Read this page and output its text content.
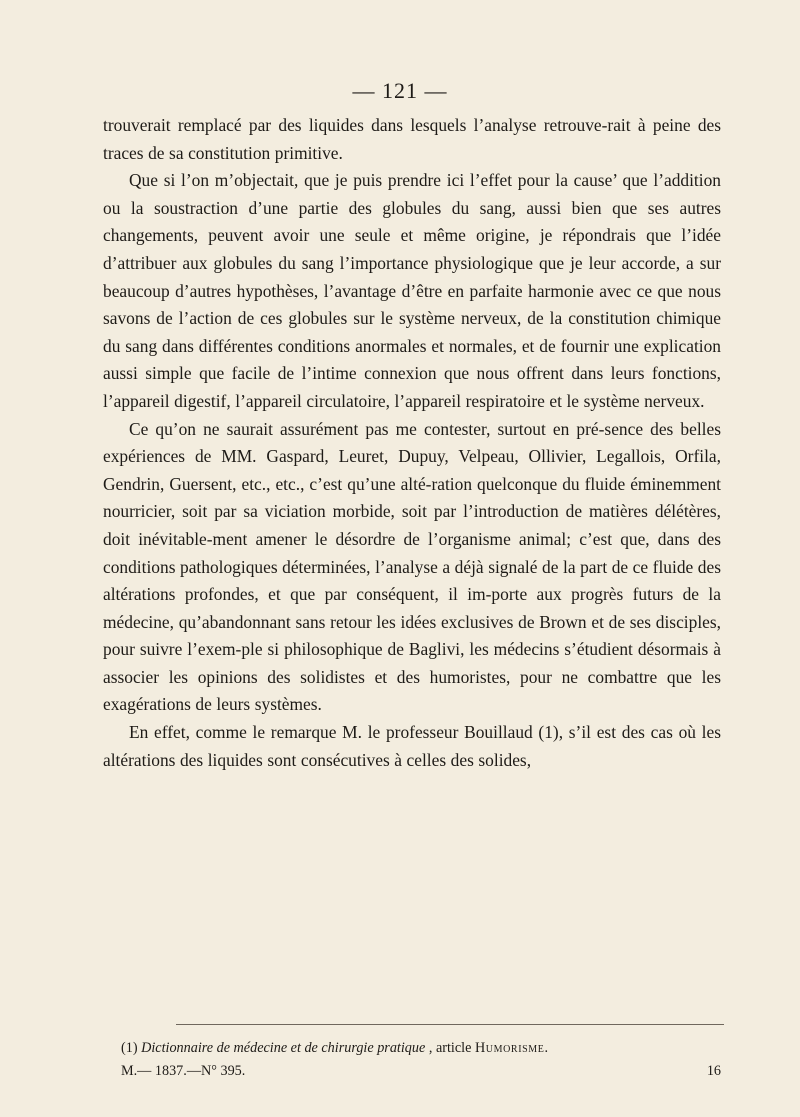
— 121 —

trouverait remplacé par des liquides dans lesquels l’analyse retrouve-rait à peine des traces de sa constitution primitive.

Que si l’on m’objectait, que je puis prendre ici l’effet pour la cause’ que l’addition ou la soustraction d’une partie des globules du sang, aussi bien que ses autres changements, peuvent avoir une seule et même origine, je répondrais que l’idée d’attribuer aux globules du sang l’importance physiologique que je leur accorde, a sur beaucoup d’autres hypothèses, l’avantage d’être en parfaite harmonie avec ce que nous savons de l’action de ces globules sur le système nerveux, de la constitution chimique du sang dans différentes conditions anormales et normales, et de fournir une explication aussi simple que facile de l’intime connexion que nous offrent dans leurs fonctions, l’appareil digestif, l’appareil circulatoire, l’appareil respiratoire et le système nerveux.

Ce qu’on ne saurait assurément pas me contester, surtout en pré-sence des belles expériences de MM. Gaspard, Leuret, Dupuy, Velpeau, Ollivier, Legallois, Orfila, Gendrin, Guersent, etc., etc., c’est qu’une alté-ration quelconque du fluide éminemment nourricier, soit par sa viciation morbide, soit par l’introduction de matières délétères, doit inévitable-ment amener le désordre de l’organisme animal; c’est que, dans des conditions pathologiques déterminées, l’analyse a déjà signalé de la part de ce fluide des altérations profondes, et que par conséquent, il im-porte aux progrès futurs de la médecine, qu’abandonnant sans retour les idées exclusives de Brown et de ses disciples, pour suivre l’exem-ple si philosophique de Baglivi, les médecins s’étudient désormais à associer les opinions des solidistes et des humoristes, pour ne combattre que les exagérations de leurs systèmes.

En effet, comme le remarque M. le professeur Bouillaud (1), s’il est des cas où les altérations des liquides sont consécutives à celles des solides,

(1) Dictionnaire de médecine et de chirurgie pratique , article Humorisme.
M.— 1837.—N° 395.	16
